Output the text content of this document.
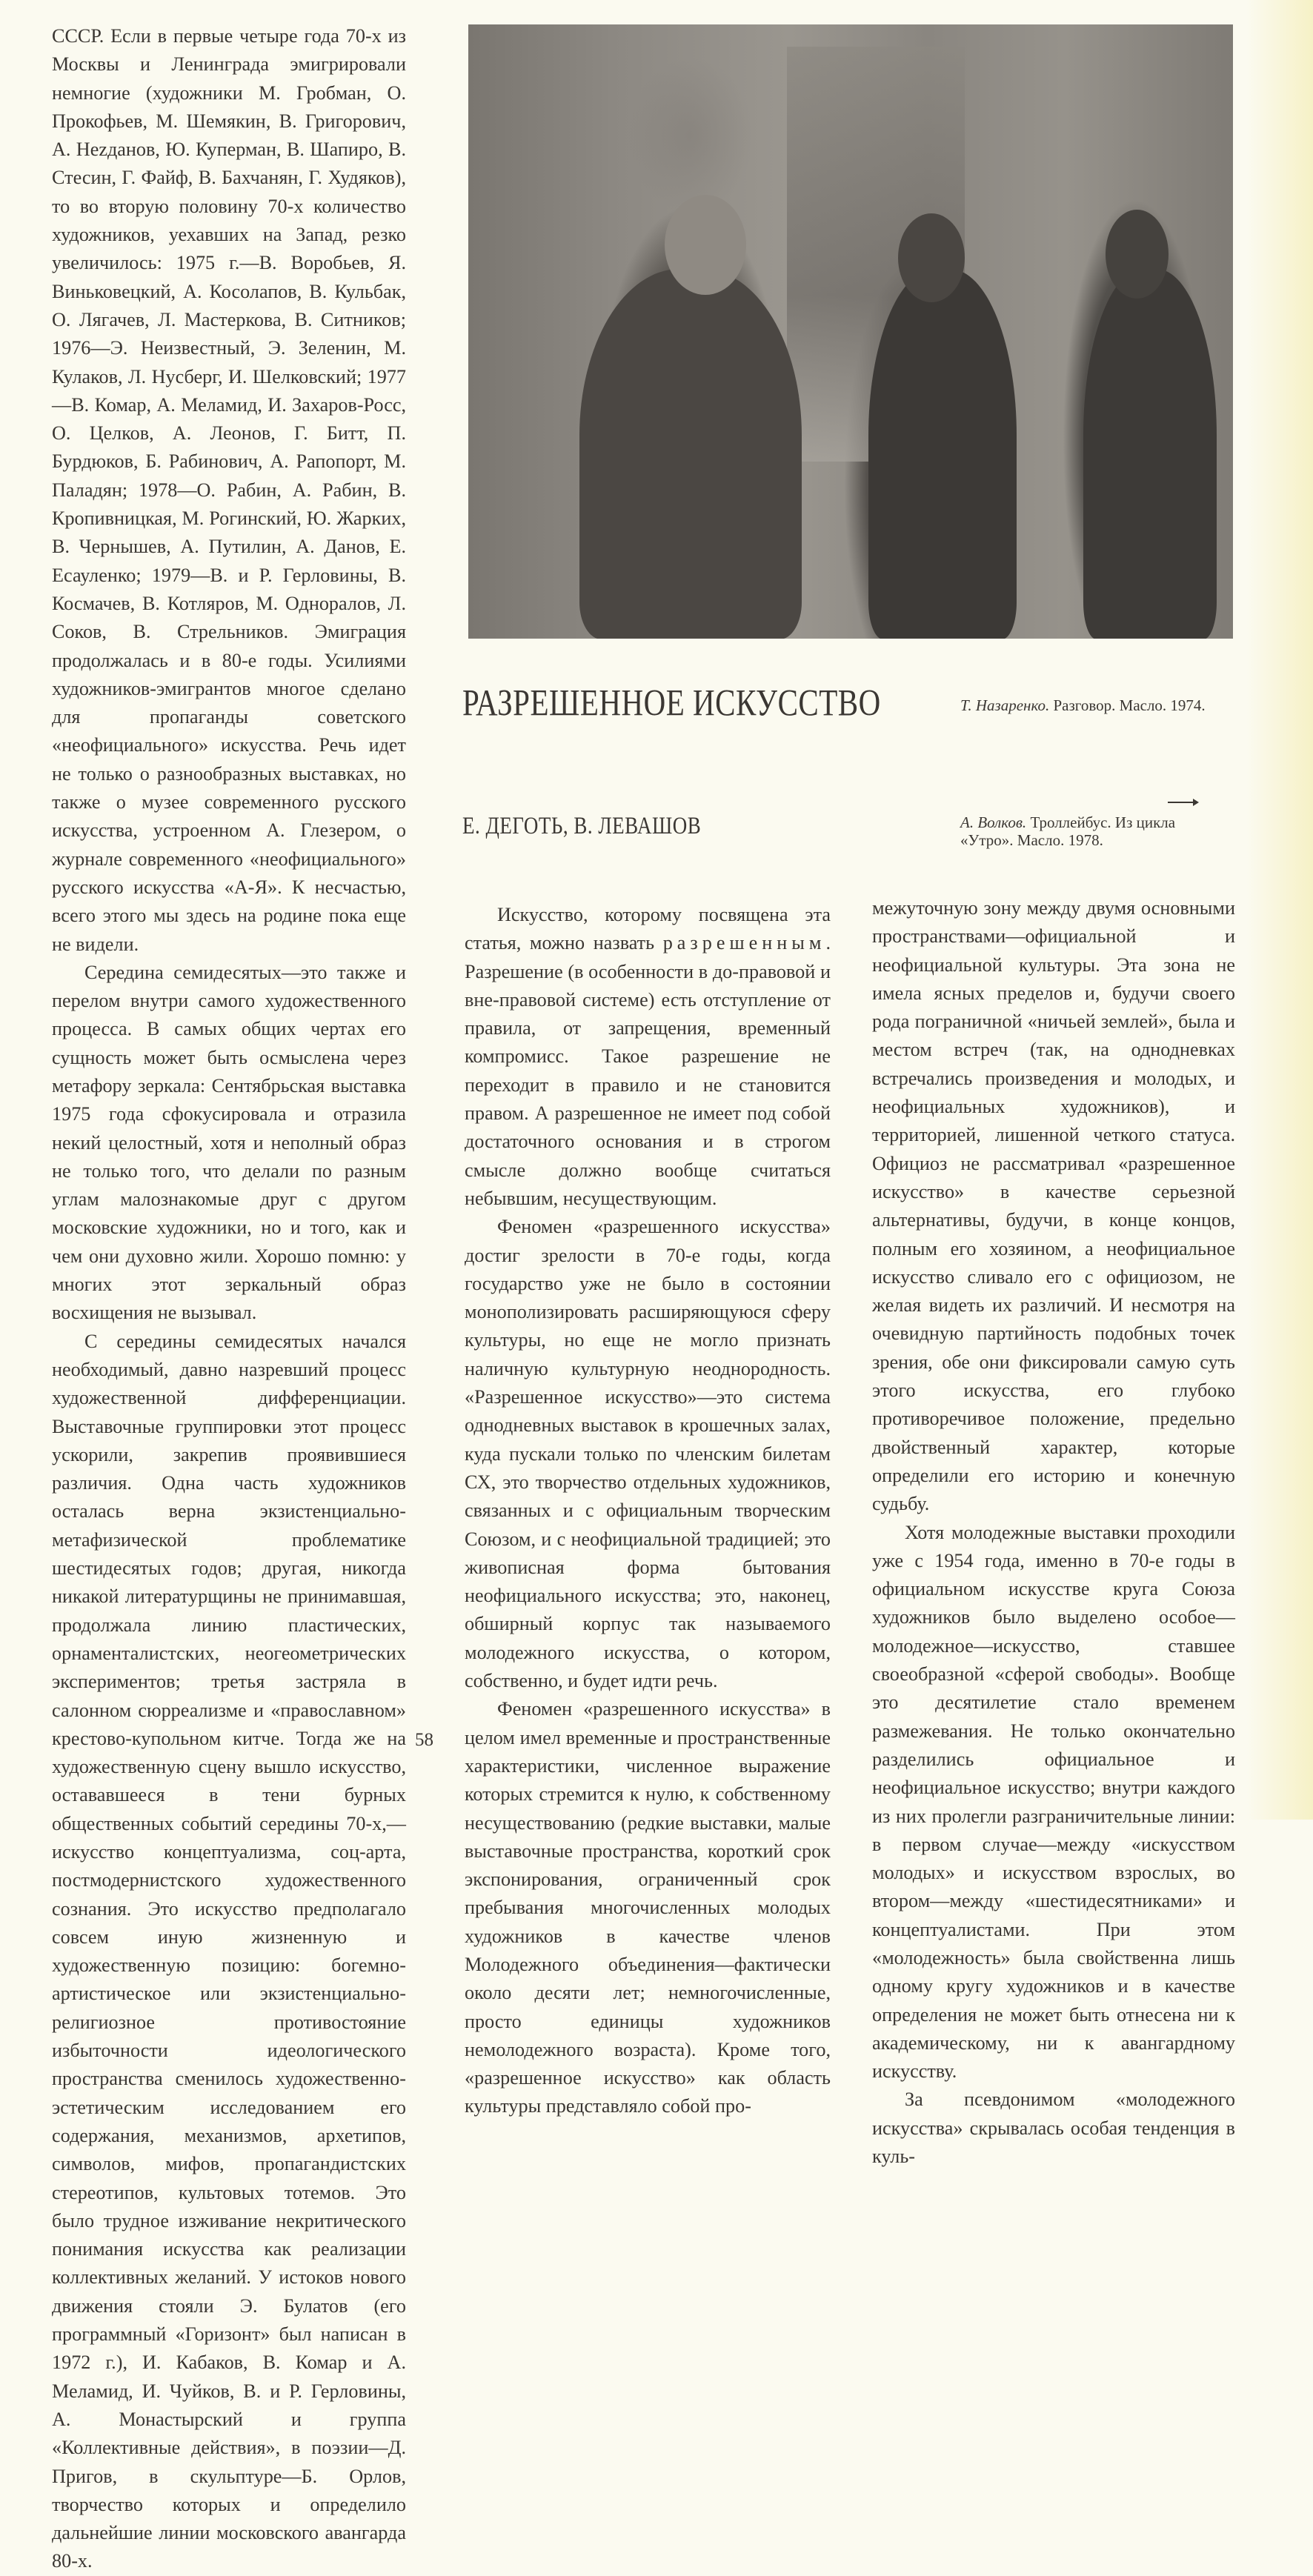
СССР. Если в первые четыре года 70-х из Москвы и Ленинграда эмигрировали немногие (художники М. Гробман, О. Прокофьев, М. Шемякин, В. Григорович, А. Нezданов, Ю. Куперман, В. Шапиро, В. Стесин, Г. Файф, В. Бахчанян, Г. Худяков), то во вторую половину 70-х количество художников, уехавших на Запад, резко увеличилось: 1975 г.—В. Воробьев, Я. Виньковецкий, А. Косолапов, В. Кульбак, О. Лягачев, Л. Мастеркова, В. Ситников; 1976—Э. Неизвестный, Э. Зеленин, М. Кулаков, Л. Нусберг, И. Шелковский; 1977—В. Комар, А. Меламид, И. Захаров-Росс, О. Целков, А. Леонов, Г. Битт, П. Бурдюков, Б. Рабинович, А. Рапопорт, М. Паладян; 1978—О. Рабин, А. Рабин, В. Кропивницкая, М. Рогинский, Ю. Жарких, В. Чернышев, А. Путилин, А. Данов, Е. Есауленко; 1979—В. и Р. Герловины, В. Космачев, В. Котляров, М. Одноралов, Л. Соков, В. Стрельников. Эмиграция продолжалась и в 80-е годы. Усилиями художников-эмигрантов многое сделано для пропаганды советского «неофициального» искусства. Речь идет не только о разнообразных выставках, но также о музее современного русского искусства, устроенном А. Глезером, о журнале современного «неофициального» русского искусства «А-Я». К несчастью, всего этого мы здесь на родине пока еще не видели.

Середина семидесятых—это также и перелом внутри самого художественного процесса. В самых общих чертах его сущность может быть осмыслена через метафору зеркала: Сентябрьская выставка 1975 года сфокусировала и отразила некий целостный, хотя и неполный образ не только того, что делали по разным углам малознакомые друг с другом московские художники, но и того, как и чем они духовно жили. Хорошо помню: у многих этот зеркальный образ восхищения не вызывал.

С середины семидесятых начался необходимый, давно назревший процесс художественной дифференциации. Выставочные группировки этот процесс ускорили, закрепив проявившиеся различия. Одна часть художников осталась верна экзистенциально-метафизической проблематике шестидесятых годов; другая, никогда никакой литературщины не принимавшая, продолжала линию пластических, орнаменталистских, неогеометрических экспериментов; третья застряла в салонном сюрреализме и «православном» крестово-купольном китче. Тогда же на художественную сцену вышло искусство, остававшееся в тени бурных общественных событий середины 70-х,—искусство концептуализма, соц-арта, постмодернистского художественного сознания. Это искусство предполагало совсем иную жизненную и художественную позицию: богемно-артистическое или экзистенциально-религиозное противостояние избыточности идеологического пространства сменилось художественно-эстетическим исследованием его содержания, механизмов, архетипов, символов, мифов, пропагандистских стереотипов, культовых тотемов. Это было трудное изживание некритического понимания искусства как реализации коллективных желаний. У истоков нового движения стояли Э. Булатов (его программный «Горизонт» был написан в 1972 г.), И. Кабаков, В. Комар и А. Меламид, И. Чуйков, В. и Р. Герловины, А. Монастырский и группа «Коллективные действия», в поэзии—Д. Пригов, в скульптуре—Б. Орлов, творчество которых и определило дальнейшие линии московского авангарда 80-х.

РАЗРЕШЕННОЕ ИСКУССТВО
Е. ДЕГОТЬ, В. ЛЕВАШОВ
Т. Назаренко. Разговор. Масло. 1974.
А. Волков. Троллейбус. Из цикла «Утро». Масло. 1978.

Искусство, которому посвящена эта статья, можно назвать разрешенным. Разрешение (в особенности в до-правовой и вне-правовой системе) есть отступление от правила, от запрещения, временный компромисс. Такое разрешение не переходит в правило и не становится правом. А разрешенное не имеет под собой достаточного основания и в строгом смысле должно вообще считаться небывшим, несуществующим.

Феномен «разрешенного искусства» достиг зрелости в 70-е годы, когда государство уже не было в состоянии монополизировать расширяющуюся сферу культуры, но еще не могло признать наличную культурную неоднородность. «Разрешенное искусство»—это система однодневных выставок в крошечных залах, куда пускали только по членским билетам СХ, это творчество отдельных художников, связанных и с официальным творческим Союзом, и с неофициальной традицией; это живописная форма бытования неофициального искусства; это, наконец, обширный корпус так называемого молодежного искусства, о котором, собственно, и будет идти речь.

Феномен «разрешенного искусства» в целом имел временные и пространственные характеристики, численное выражение которых стремится к нулю, к собственному несуществованию (редкие выставки, малые выставочные пространства, короткий срок экспонирования, ограниченный срок пребывания многочисленных молодых художников в качестве членов Молодежного объединения—фактически около десяти лет; немногочисленные, просто единицы художников немолодежного возраста). Кроме того, «разрешенное искусство» как область культуры представляло собой про-

межуточную зону между двумя основными пространствами—официальной и неофициальной культуры. Эта зона не имела ясных пределов и, будучи своего рода пограничной «ничьей землей», была и местом встреч (так, на однодневках встречались произведения и молодых, и неофициальных художников), и территорией, лишенной четкого статуса. Официоз не рассматривал «разрешенное искусство» в качестве серьезной альтернативы, будучи, в конце концов, полным его хозяином, а неофициальное искусство сливало его с официозом, не желая видеть их различий. И несмотря на очевидную партийность подобных точек зрения, обе они фиксировали самую суть этого искусства, его глубоко противоречивое положение, предельно двойственный характер, которые определили его историю и конечную судьбу.

Хотя молодежные выставки проходили уже с 1954 года, именно в 70-е годы в официальном искусстве круга Союза художников было выделено особое—молодежное—искусство, ставшее своеобразной «сферой свободы». Вообще это десятилетие стало временем размежевания. Не только окончательно разделились официальное и неофициальное искусство; внутри каждого из них пролегли разграничительные линии: в первом случае—между «искусством молодых» и искусством взрослых, во втором—между «шестидесятниками» и концептуалистами. При этом «молодежность» была свойственна лишь одному кругу художников и в качестве определения не может быть отнесена ни к академическому, ни к авангардному искусству.

За псевдонимом «молодежного искусства» скрывалась особая тенденция в куль-

58
